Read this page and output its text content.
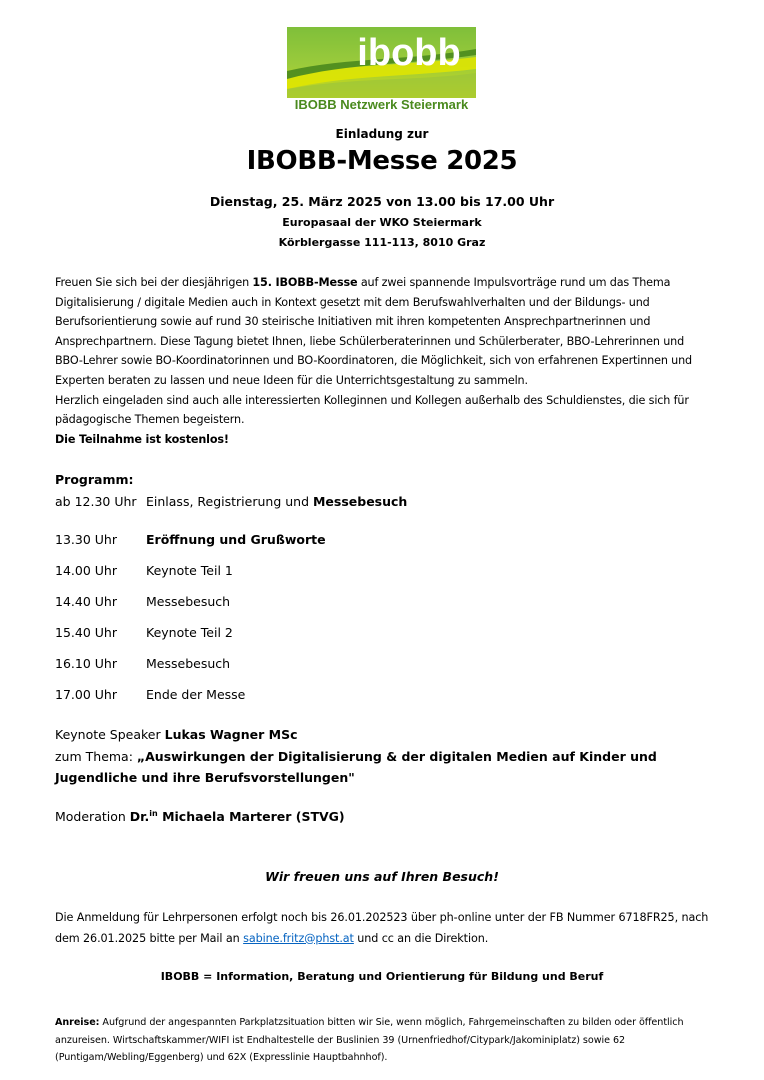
ibobb
IBOBB Netzwerk Steiermark
Einladung zur
IBOBB-Messe 2025
Dienstag, 25. März 2025 von 13.00 bis 17.00 Uhr
Europasaal der WKO Steiermark
Körblergasse 111-113, 8010 Graz

Freuen Sie sich bei der diesjährigen 15. IBOBB-Messe auf zwei spannende Impulsvorträge rund um das Thema Digitalisierung / digitale Medien auch in Kontext gesetzt mit dem Berufswahlverhalten und der Bildungs- und Berufsorientierung sowie auf rund 30 steirische Initiativen mit ihren kompetenten Ansprechpartnerinnen und Ansprechpartnern. Diese Tagung bietet Ihnen, liebe Schülerberaterinnen und Schülerberater, BBO-Lehrerinnen und BBO-Lehrer sowie BO-Koordinatorinnen und BO-Koordinatoren, die Möglichkeit, sich von erfahrenen Expertinnen und Experten beraten zu lassen und neue Ideen für die Unterrichtsgestaltung zu sammeln.

Herzlich eingeladen sind auch alle interessierten Kolleginnen und Kollegen außerhalb des Schuldienstes, die sich für pädagogische Themen begeistern.

Die Teilnahme ist kostenlos!

Programm:
ab 12.30 Uhr Einlass, Registrierung und Messebesuch
13.30 Uhr Eröffnung und Grußworte
14.00 Uhr Keynote Teil 1
14.40 Uhr Messebesuch
15.40 Uhr Keynote Teil 2
16.10 Uhr Messebesuch
17.00 Uhr Ende der Messe

Keynote Speaker Lukas Wagner MSc

zum Thema: „Auswirkungen der Digitalisierung & der digitalen Medien auf Kinder und Jugendliche und ihre Berufsvorstellungen"

Moderation Dr.$^{in}$ Michaela Marterer (STVG)
Wir freuen uns auf Ihren Besuch!

Die Anmeldung für Lehrpersonen erfolgt noch bis 26.01.202523 über ph-online unter der FB Nummer 6718FR25, nach dem 26.01.2025 bitte per Mail an sabine.fritz@phst.at und cc an die Direktion.

IBOBB = Information, Beratung und Orientierung für Bildung und Beruf

Anreise: Aufgrund der angespannten Parkplatzsituation bitten wir Sie, wenn möglich, Fahrgemeinschaften zu bilden oder öffentlich anzureisen. Wirtschaftskammer/WIFI ist Endhaltestelle der Buslinien 39 (Urnenfriedhof/Citypark/Jakominiplatz) sowie 62 (Puntigam/Webling/Eggenberg) und 62X (Expresslinie Hauptbahnhof).
